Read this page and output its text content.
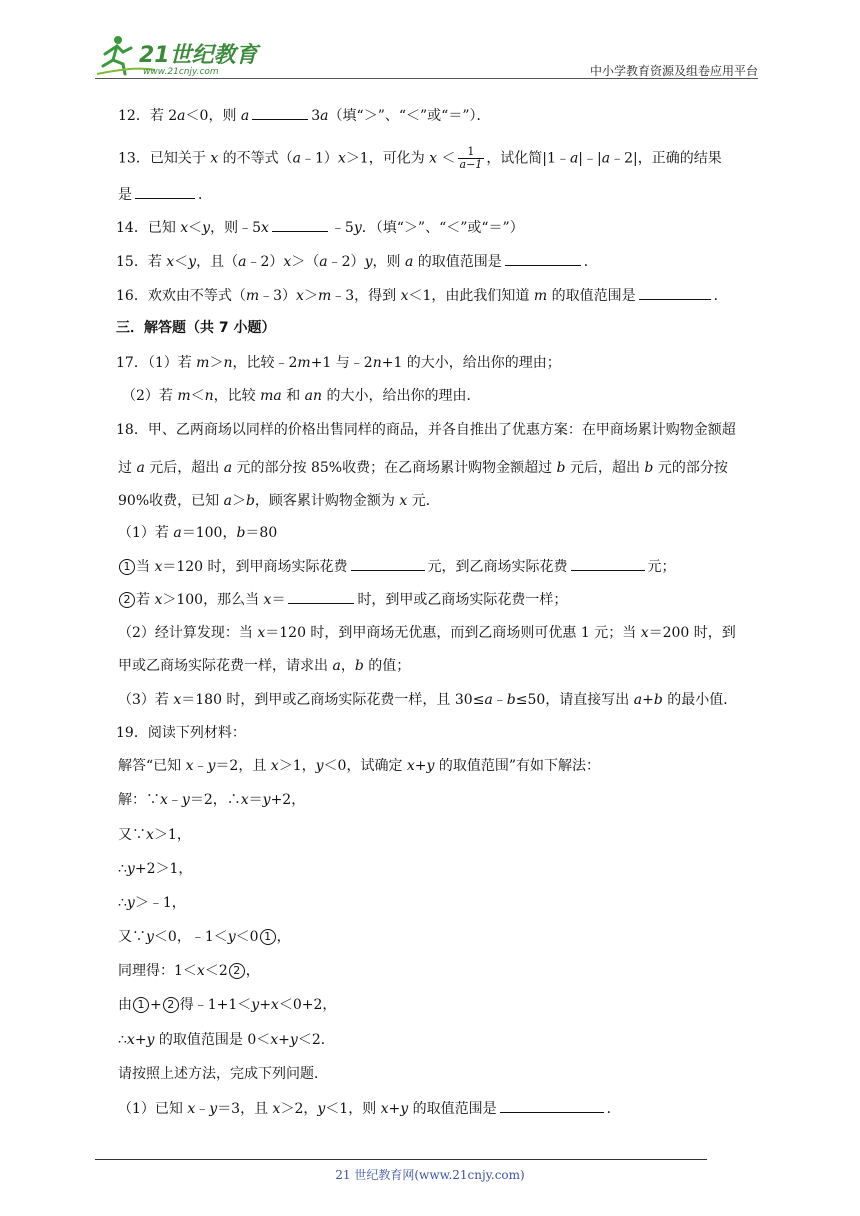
21世纪教育
www.21cnjy.com	中小学教育资源及组卷应用平台
12．若 2a＜0，则 a	3a（填“＞”、“＜”或“＝”）．
13．已知关于 x 的不等式（a﹣1）x＞1，可化为 $x < \frac{1}{a-1}$ ，试化简|1﹣a|﹣|a﹣2|，正确的结果
是	．
14．已知 x＜y，则﹣5x	﹣5y．（填“＞”、“＜”或“＝”）
15．若 x＜y，且（a﹣2）x＞（a﹣2）y，则 a 的取值范围是	．
16．欢欢由不等式（m﹣3）x＞m﹣3，得到 x＜1，由此我们知道 m 的取值范围是	．
三．解答题（共 7 小题）
17．（1）若 m＞n，比较﹣2m+1 与﹣2n+1 的大小，给出你的理由；
（2）若 m＜n，比较 ma 和 an 的大小，给出你的理由．
18．甲、乙两商场以同样的价格出售同样的商品，并各自推出了优惠方案：在甲商场累计购物金额超
过 a 元后，超出 a 元的部分按 85%收费；在乙商场累计购物金额超过 b 元后，超出 b 元的部分按
90%收费，已知 a＞b，顾客累计购物金额为 x 元．
（1）若 a＝100，b＝80
1 当 x＝120 时，到甲商场实际花费	元，到乙商场实际花费	元；
2 若 x＞100，那么当 x＝	时，到甲或乙商场实际花费一样；
（2）经计算发现：当 x＝120 时，到甲商场无优惠，而到乙商场则可优惠 1 元；当 x＝200 时，到
甲或乙商场实际花费一样，请求出 a，b 的值；
（3）若 x＝180 时，到甲或乙商场实际花费一样，且 30≤a﹣b≤50，请直接写出 a+b 的最小值．
19．阅读下列材料：
解答“已知 x﹣y＝2，且 x＞1，y＜0，试确定 x+y 的取值范围”有如下解法：
解：∵x﹣y＝2，∴x＝y+2，
又∵x＞1，
∴y+2＞1，
∴y＞﹣1，
又∵y＜0，﹣1＜y＜0 1 ，
同理得：1＜x＜2 2 ，
由 1 + 2 得﹣1+1＜y+x＜0+2，
∴x+y 的取值范围是 0＜x+y＜2．
请按照上述方法，完成下列问题．
（1）已知 x﹣y＝3，且 x＞2，y＜1，则 x+y 的取值范围是	．
21 世纪教育网(www.21cnjy.com)
